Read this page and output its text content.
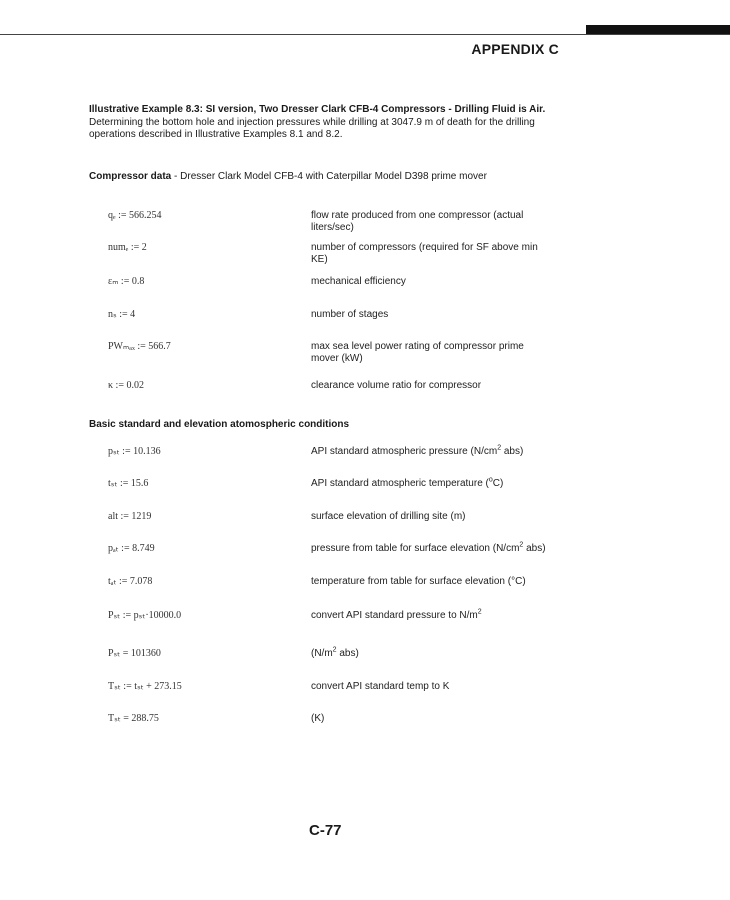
APPENDIX C
Illustrative Example 8.3: SI version, Two Dresser Clark CFB-4 Compressors - Drilling Fluid is Air. Determining the bottom hole and injection pressures while drilling at 3047.9 m of death for the drilling operations described in Illustrative Examples 8.1 and 8.2.
Compressor data - Dresser Clark Model CFB-4 with Caterpillar Model D398 prime mover
qₑ := 566.254	flow rate produced from one compressor (actual liters/sec)
numₑ := 2	number of compressors (required for SF above min KE)
εₘ := 0.8	mechanical efficiency
nₛ := 4	number of stages
PWₘₐₓ := 566.7	max sea level power rating of compressor prime mover (kW)
κ := 0.02	clearance volume ratio for compressor
Basic standard and elevation atomospheric conditions
pₛₜ := 10.136	API standard atmospheric pressure ($N/cm^2$ abs)
tₛₜ := 15.6	API standard atmospheric temperature ($^o$C)
alt := 1219	surface elevation of drilling site (m)
pₐₜ := 8.749	pressure from table for surface elevation ($N/cm^2$ abs)
tₐₜ := 7.078	temperature from table for surface elevation (°C)
Pₛₜ := pₛₜ·10000.0	convert API standard pressure to $N/m^2$
Pₛₜ = 101360	($N/m^2$ abs)
Tₛₜ := tₛₜ + 273.15	convert API standard temp to K
Tₛₜ = 288.75	(K)
C-77
